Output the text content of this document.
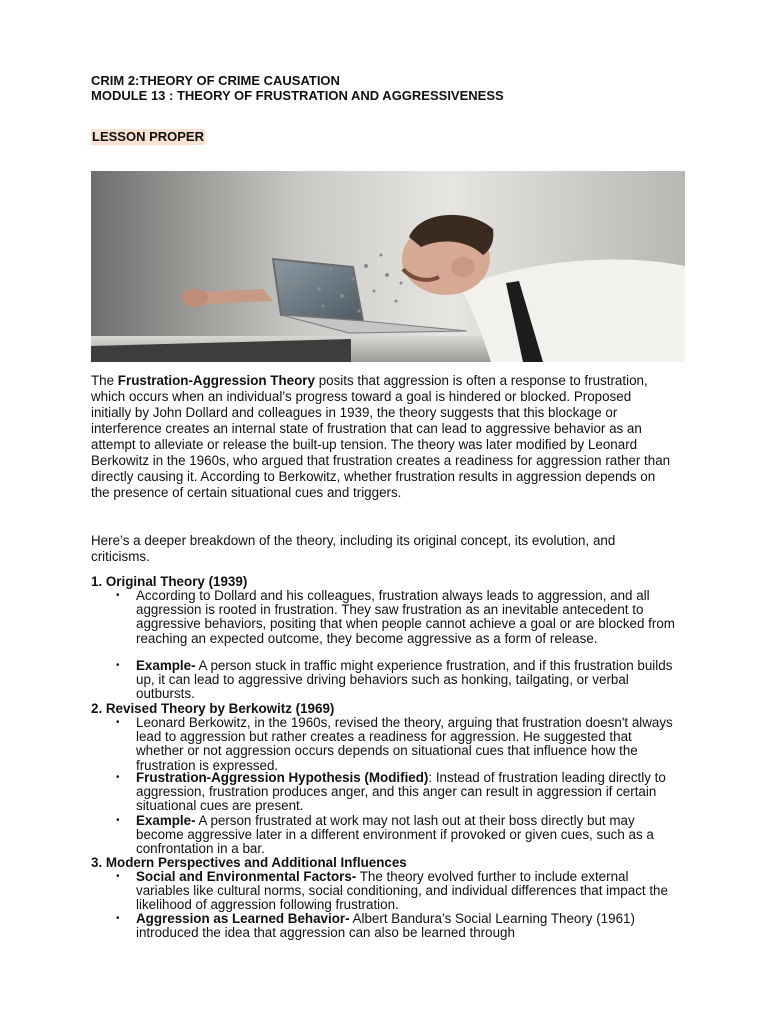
CRIM 2:THEORY OF CRIME CAUSATION
MODULE 13 : THEORY OF FRUSTRATION AND AGGRESSIVENESS
LESSON PROPER
The Frustration-Aggression Theory posits that aggression is often a response to frustration, which occurs when an individual’s progress toward a goal is hindered or blocked. Proposed initially by John Dollard and colleagues in 1939, the theory suggests that this blockage or interference creates an internal state of frustration that can lead to aggressive behavior as an attempt to alleviate or release the built-up tension. The theory was later modified by Leonard Berkowitz in the 1960s, who argued that frustration creates a readiness for aggression rather than directly causing it. According to Berkowitz, whether frustration results in aggression depends on the presence of certain situational cues and triggers.
Here’s a deeper breakdown of the theory, including its original concept, its evolution, and criticisms.
1. Original Theory (1939)
• According to Dollard and his colleagues, frustration always leads to aggression, and all aggression is rooted in frustration. They saw frustration as an inevitable antecedent to aggressive behaviors, positing that when people cannot achieve a goal or are blocked from reaching an expected outcome, they become aggressive as a form of release.
• Example- A person stuck in traffic might experience frustration, and if this frustration builds up, it can lead to aggressive driving behaviors such as honking, tailgating, or verbal outbursts.
2. Revised Theory by Berkowitz (1969)
• Leonard Berkowitz, in the 1960s, revised the theory, arguing that frustration doesn't always lead to aggression but rather creates a readiness for aggression. He suggested that whether or not aggression occurs depends on situational cues that influence how the frustration is expressed.
• Frustration-Aggression Hypothesis (Modified): Instead of frustration leading directly to aggression, frustration produces anger, and this anger can result in aggression if certain situational cues are present.
• Example- A person frustrated at work may not lash out at their boss directly but may become aggressive later in a different environment if provoked or given cues, such as a confrontation in a bar.
3. Modern Perspectives and Additional Influences
• Social and Environmental Factors- The theory evolved further to include external variables like cultural norms, social conditioning, and individual differences that impact the likelihood of aggression following frustration.
• Aggression as Learned Behavior- Albert Bandura’s Social Learning Theory (1961) introduced the idea that aggression can also be learned through
